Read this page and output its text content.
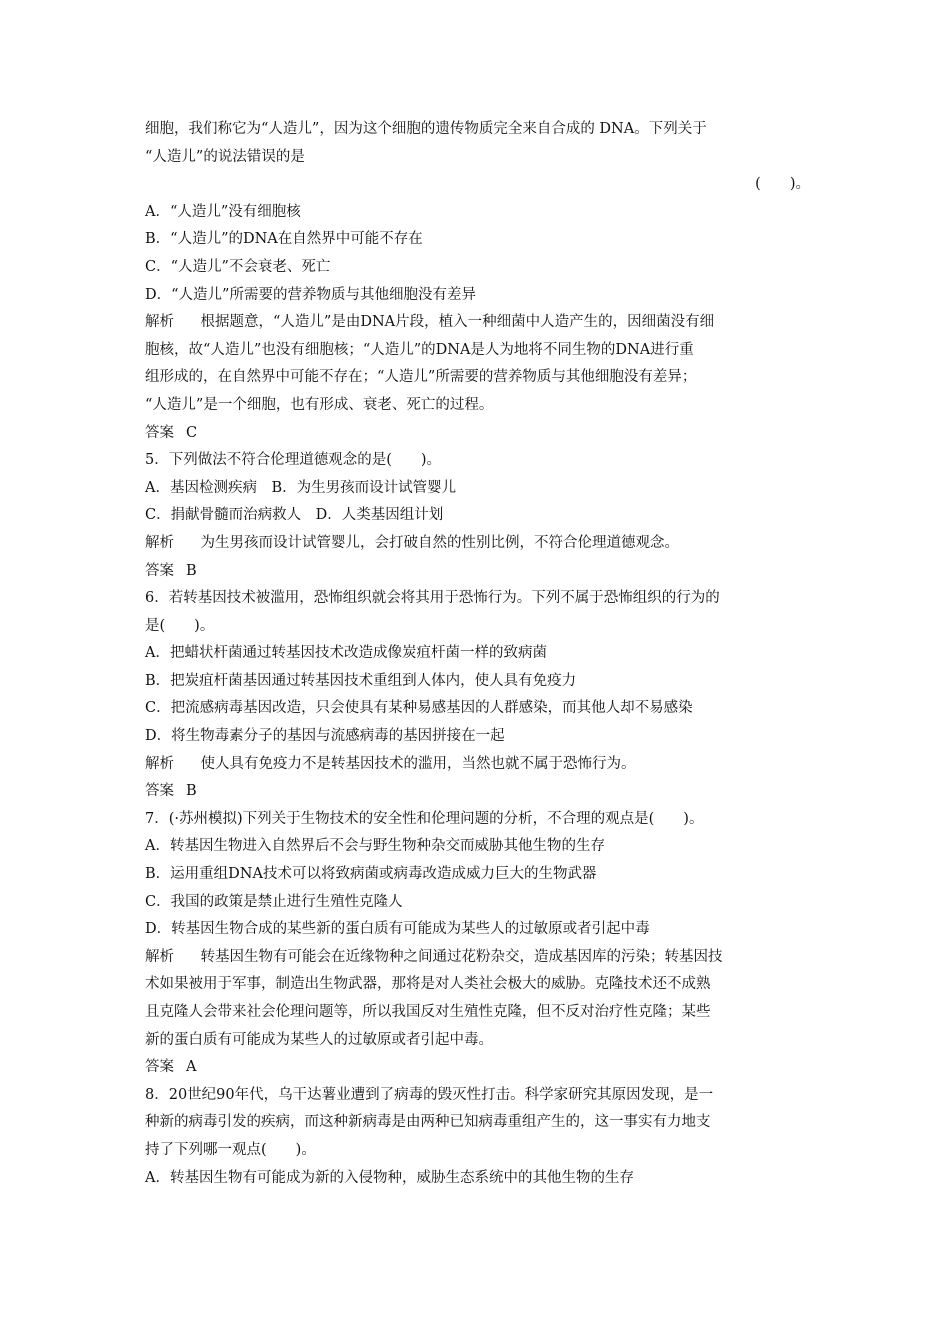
细胞，我们称它为“人造儿”，因为这个细胞的遗传物质完全来自合成的 DNA。下列关于
“人造儿”的说法错误的是
(　　)。
A．“人造儿”没有细胞核
B．“人造儿”的DNA在自然界中可能不存在
C．“人造儿”不会衰老、死亡
D．“人造儿”所需要的营养物质与其他细胞没有差异
解析　 根据题意，“人造儿”是由DNA片段，植入一种细菌中人造产生的，因细菌没有细
胞核，故“人造儿”也没有细胞核；“人造儿”的DNA是人为地将不同生物的DNA进行重
组形成的，在自然界中可能不存在；“人造儿”所需要的营养物质与其他细胞没有差异；
“人造儿”是一个细胞，也有形成、衰老、死亡的过程。
答案 C
5．下列做法不符合伦理道德观念的是(　　)。
A．基因检测疾病　B．为生男孩而设计试管婴儿
C．捐献骨髓而治病救人　D．人类基因组计划
解析　 为生男孩而设计试管婴儿，会打破自然的性别比例，不符合伦理道德观念。
答案 B
6．若转基因技术被滥用，恐怖组织就会将其用于恐怖行为。下列不属于恐怖组织的行为的
是(　　)。
A．把蜡状杆菌通过转基因技术改造成像炭疽杆菌一样的致病菌
B．把炭疽杆菌基因通过转基因技术重组到人体内，使人具有免疫力
C．把流感病毒基因改造，只会使具有某种易感基因的人群感染，而其他人却不易感染
D．将生物毒素分子的基因与流感病毒的基因拼接在一起
解析　 使人具有免疫力不是转基因技术的滥用，当然也就不属于恐怖行为。
答案 B
7．(·苏州模拟)下列关于生物技术的安全性和伦理问题的分析，不合理的观点是(　　)。
A．转基因生物进入自然界后不会与野生物种杂交而威胁其他生物的生存
B．运用重组DNA技术可以将致病菌或病毒改造成威力巨大的生物武器
C．我国的政策是禁止进行生殖性克隆人
D．转基因生物合成的某些新的蛋白质有可能成为某些人的过敏原或者引起中毒
解析　 转基因生物有可能会在近缘物种之间通过花粉杂交，造成基因库的污染；转基因技
术如果被用于军事，制造出生物武器，那将是对人类社会极大的威胁。克隆技术还不成熟
且克隆人会带来社会伦理问题等，所以我国反对生殖性克隆，但不反对治疗性克隆；某些
新的蛋白质有可能成为某些人的过敏原或者引起中毒。
答案 A
8．20世纪90年代，乌干达薯业遭到了病毒的毁灭性打击。科学家研究其原因发现，是一
种新的病毒引发的疾病，而这种新病毒是由两种已知病毒重组产生的，这一事实有力地支
持了下列哪一观点(　　)。
A．转基因生物有可能成为新的入侵物种，威胁生态系统中的其他生物的生存
